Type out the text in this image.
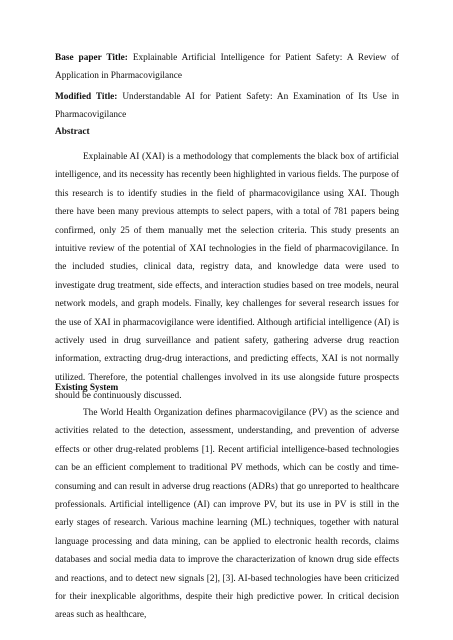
Base paper Title: Explainable Artificial Intelligence for Patient Safety: A Review of Application in Pharmacovigilance
Modified Title: Understandable AI for Patient Safety: An Examination of Its Use in Pharmacovigilance
Abstract
Explainable AI (XAI) is a methodology that complements the black box of artificial intelligence, and its necessity has recently been highlighted in various fields. The purpose of this research is to identify studies in the field of pharmacovigilance using XAI. Though there have been many previous attempts to select papers, with a total of 781 papers being confirmed, only 25 of them manually met the selection criteria. This study presents an intuitive review of the potential of XAI technologies in the field of pharmacovigilance. In the included studies, clinical data, registry data, and knowledge data were used to investigate drug treatment, side effects, and interaction studies based on tree models, neural network models, and graph models. Finally, key challenges for several research issues for the use of XAI in pharmacovigilance were identified. Although artificial intelligence (AI) is actively used in drug surveillance and patient safety, gathering adverse drug reaction information, extracting drug-drug interactions, and predicting effects, XAI is not normally utilized. Therefore, the potential challenges involved in its use alongside future prospects should be continuously discussed.
Existing System
The World Health Organization defines pharmacovigilance (PV) as the science and activities related to the detection, assessment, understanding, and prevention of adverse effects or other drug-related problems [1]. Recent artificial intelligence-based technologies can be an efficient complement to traditional PV methods, which can be costly and time-consuming and can result in adverse drug reactions (ADRs) that go unreported to healthcare professionals. Artificial intelligence (AI) can improve PV, but its use in PV is still in the early stages of research. Various machine learning (ML) techniques, together with natural language processing and data mining, can be applied to electronic health records, claims databases and social media data to improve the characterization of known drug side effects and reactions, and to detect new signals [2], [3]. AI-based technologies have been criticized for their inexplicable algorithms, despite their high predictive power. In critical decision areas such as healthcare,
